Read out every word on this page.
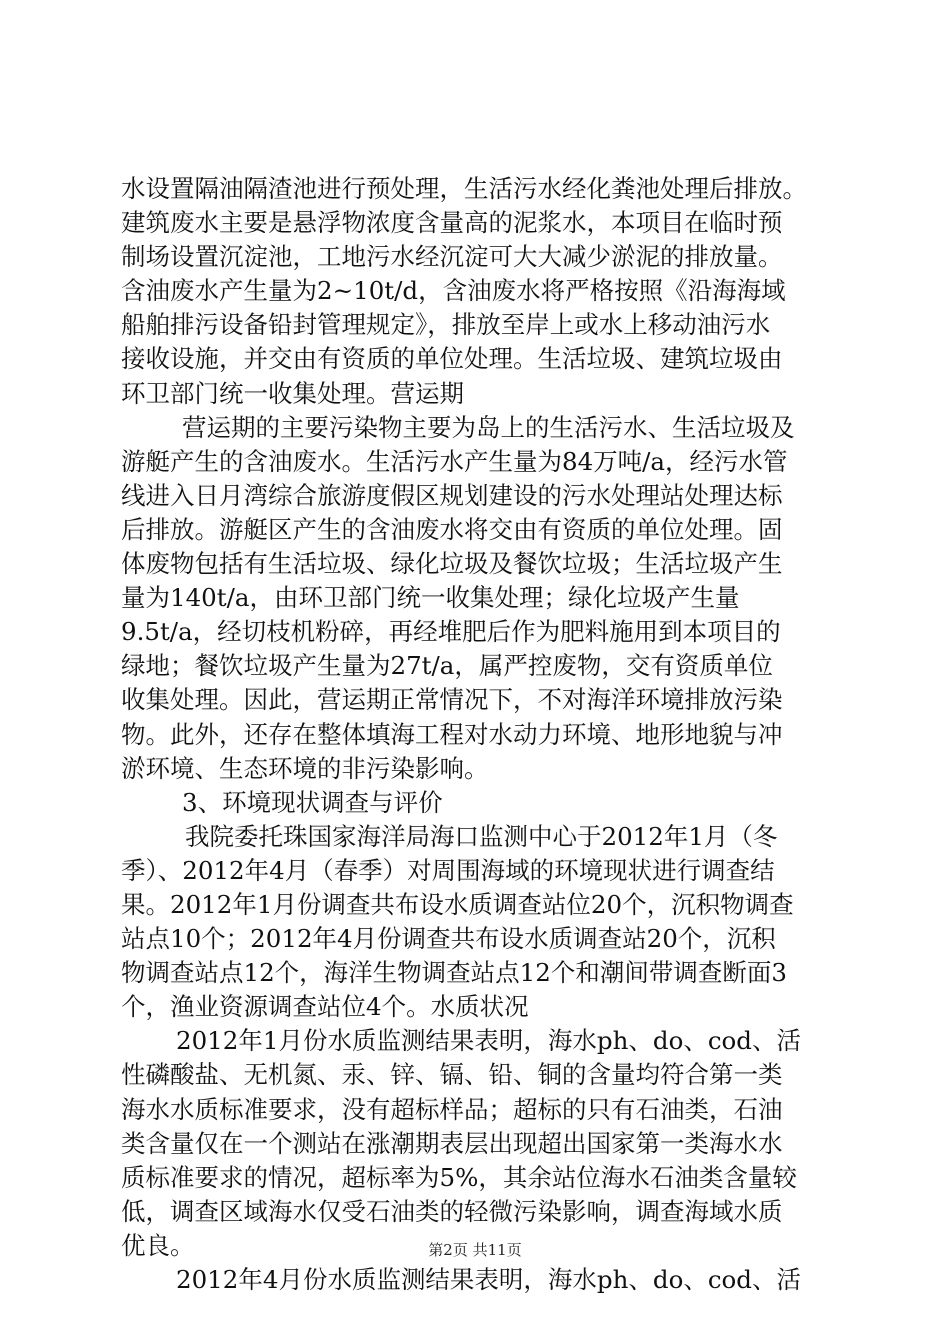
水设置隔油隔渣池进行预处理，生活污水经化粪池处理后排放。
建筑废水主要是悬浮物浓度含量高的泥浆水，本项目在临时预
制场设置沉淀池，工地污水经沉淀可大大减少淤泥的排放量。
含油废水产生量为2~10t/d，含油废水将严格按照《沿海海域
船舶排污设备铅封管理规定》，排放至岸上或水上移动油污水
接收设施，并交由有资质的单位处理。生活垃圾、建筑垃圾由
环卫部门统一收集处理。营运期
营运期的主要污染物主要为岛上的生活污水、生活垃圾及
游艇产生的含油废水。生活污水产生量为84万吨/a，经污水管
线进入日月湾综合旅游度假区规划建设的污水处理站处理达标
后排放。游艇区产生的含油废水将交由有资质的单位处理。固
体废物包括有生活垃圾、绿化垃圾及餐饮垃圾；生活垃圾产生
量为140t/a，由环卫部门统一收集处理；绿化垃圾产生量
9.5t/a，经切枝机粉碎，再经堆肥后作为肥料施用到本项目的
绿地；餐饮垃圾产生量为27t/a，属严控废物，交有资质单位
收集处理。因此，营运期正常情况下，不对海洋环境排放污染
物。此外，还存在整体填海工程对水动力环境、地形地貌与冲
淤环境、生态环境的非污染影响。
3、环境现状调查与评价
我院委托珠国家海洋局海口监测中心于2012年1月（冬
季）、2012年4月（春季）对周围海域的环境现状进行调查结
果。2012年1月份调查共布设水质调查站位20个，沉积物调查
站点10个；2012年4月份调查共布设水质调查站20个，沉积
物调查站点12个，海洋生物调查站点12个和潮间带调查断面3
个，渔业资源调查站位4个。水质状况
2012年1月份水质监测结果表明，海水ph、do、cod、活
性磷酸盐、无机氮、汞、锌、镉、铅、铜的含量均符合第一类
海水水质标准要求，没有超标样品；超标的只有石油类，石油
类含量仅在一个测站在涨潮期表层出现超出国家第一类海水水
质标准要求的情况，超标率为5%，其余站位海水石油类含量较
低，调查区域海水仅受石油类的轻微污染影响，调查海域水质
优良。
2012年4月份水质监测结果表明，海水ph、do、cod、活
第2页 共11页
